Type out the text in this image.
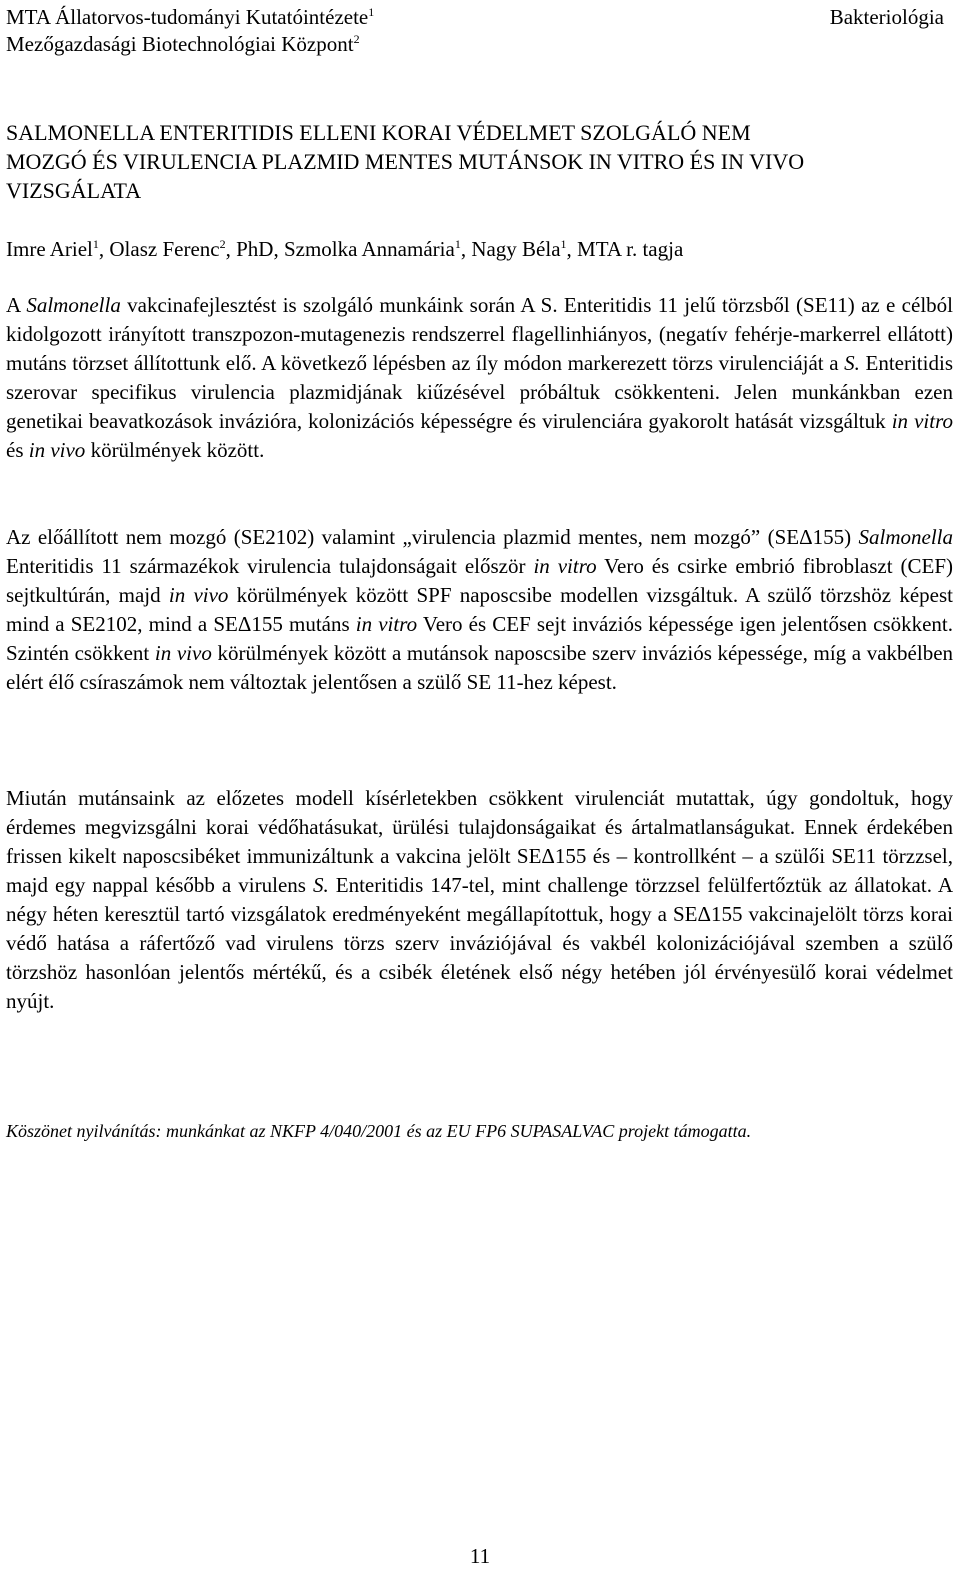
MTA Állatorvos-tudományi Kutatóintézete$^1$
Mezőgazdasági Biotechnológiai Központ$^2$
Bakteriológia
SALMONELLA ENTERITIDIS ELLENI KORAI VÉDELMET SZOLGÁLÓ NEM
MOZGÓ ÉS VIRULENCIA PLAZMID MENTES MUTÁNSOK IN VITRO ÉS IN VIVO
VIZSGÁLATA
Imre Ariel$^1$, Olasz Ferenc$^2$, PhD, Szmolka Annamária$^1$, Nagy Béla$^1$, MTA r. tagja
A Salmonella vakcinafejlesztést is szolgáló munkáink során A S. Enteritidis 11 jelű törzsből (SE11) az e célból kidolgozott irányított transzpozon-mutagenezis rendszerrel flagellinhiányos, (negatív fehérje-markerrel ellátott) mutáns törzset állítottunk elő. A következő lépésben az íly módon markerezett törzs virulenciáját a S. Enteritidis szerovar specifikus virulencia plazmidjának kiűzésével próbáltuk csökkenteni. Jelen munkánkban ezen genetikai beavatkozások invázióra, kolonizációs képességre és virulenciára gyakorolt hatását vizsgáltuk in vitro és in vivo körülmények között.
Az előállított nem mozgó (SE2102) valamint „virulencia plazmid mentes, nem mozgó” (SEΔ155) Salmonella Enteritidis 11 származékok virulencia tulajdonságait először in vitro Vero és csirke embrió fibroblaszt (CEF) sejtkultúrán, majd in vivo körülmények között SPF naposcsibe modellen vizsgáltuk. A szülő törzshöz képest mind a SE2102, mind a SEΔ155 mutáns in vitro Vero és CEF sejt inváziós képessége igen jelentősen csökkent. Szintén csökkent in vivo körülmények között a mutánsok naposcsibe szerv inváziós képessége, míg a vakbélben elért élő csíraszámok nem változtak jelentősen a szülő SE 11-hez képest.
Miután mutánsaink az előzetes modell kísérletekben csökkent virulenciát mutattak, úgy gondoltuk, hogy érdemes megvizsgálni korai védőhatásukat, ürülési tulajdonságaikat és ártalmatlanságukat. Ennek érdekében frissen kikelt naposcsibéket immunizáltunk a vakcina jelölt SEΔ155 és – kontrollként – a szülői SE11 törzzsel, majd egy nappal később a virulens S. Enteritidis 147-tel, mint challenge törzzsel felülfertőztük az állatokat. A négy héten keresztül tartó vizsgálatok eredményeként megállapítottuk, hogy a SEΔ155 vakcinajelölt törzs korai védő hatása a ráfertőző vad virulens törzs szerv inváziójával és vakbél kolonizációjával szemben a szülő törzshöz hasonlóan jelentős mértékű, és a csibék életének első négy hetében jól érvényesülő korai védelmet nyújt.
Köszönet nyilvánítás: munkánkat az NKFP 4/040/2001 és az EU FP6 SUPASALVAC projekt támogatta.
11
